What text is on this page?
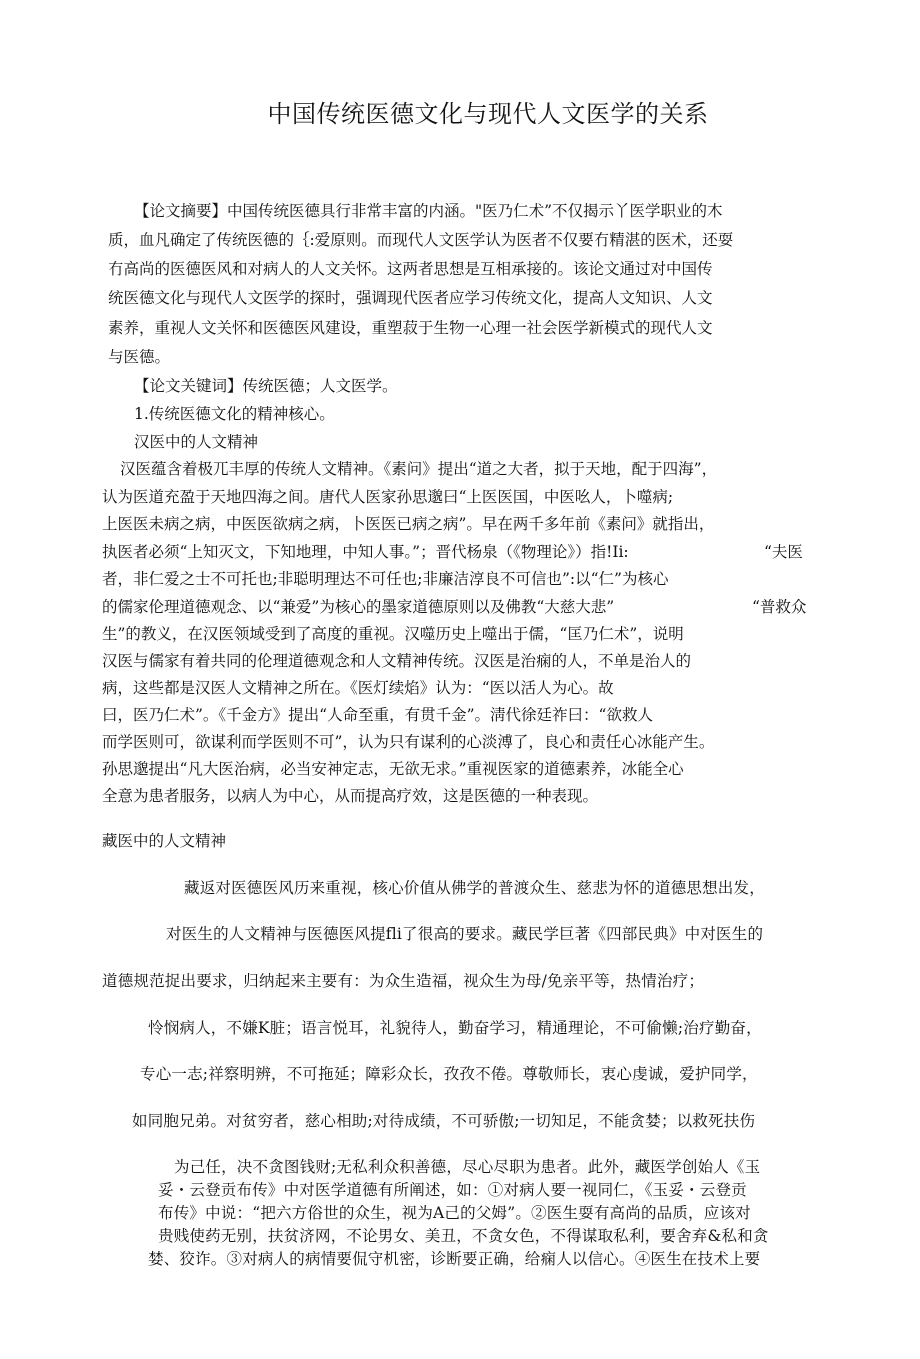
中国传统医德文化与现代人文医学的关系
【论文摘要】中国传统医德具行非常丰富的内涵。"医乃仁术”不仅揭示丫医学职业的木
质，血凡确定了传统医德的｛:爱原则。而现代人文医学认为医者不仅要冇精湛的医术，还耍
冇高尚的医德医风和对病人的人文关怀。这两者思想是互相承接的。该论文通过对中国传
统医德文化与现代人文医学的探时，强调现代医者应学习传统文化，提高人文知识、人文
素养，重视人文关怀和医德医风建设，重塑菽于生物一心理一社会医学新模式的现代人文
与医德。
【论文关键词】传统医德；人文医学。
1.传统医德文化的精神核心。
汉医中的人文精神
汉医蕴含着极兀丰厚的传统人文精神。《素问》提出“道之大者，拟于天地，配于四海”，
认为医道充盈于天地四海之间。唐代人医家孙思邈曰“上医医国，中医吆人，卜噬病;
上医医未病之病，中医医欲病之病，卜医医已病之病”。早在两千多年前《素问》就指出，
执医者必须“上知灭文，下知地理，中知人事。”；晋代杨泉（《物理论》）指!Ii:	“夫医
者，非仁爱之士不可托也;非聪明理达不可任也;非廉洁淳良不可信也”:以“仁”为核心
的儒家伦理道德观念、以“兼爱”为核心的墨家道德原则以及佛教“大慈大悲”	“普救众
生”的教义，在汉医领域受到了高度的重视。汉噬历史上噬出于儒，“匡乃仁术”，说明
汉医与儒家有着共同的伦理道德观念和人文精神传统。汉医是治痫的人，不单是治人的
病，这些都是汉医人文精神之所在。《医灯续焰》认为：“医以活人为心。故
曰，医乃仁术”。《千金方》提出“人命至重，有贯千金”。淸代徐廷祚曰：“欲救人
而学医则可，欲谋利而学医则不可”，认为只有谋利的心淡溥了，良心和责任心冰能产生。
孙思邈提出“凡大医治病，必当安神定志，无欲无求。”重视医家的道德素养，冰能全心
全意为患者服务，以病人为中心，从而提高疗效，这是医德的一种表现。
藏医中的人文精神
藏返对医德医风历来重视，核心价值从佛学的普渡众生、慈悲为怀的道德思想出发，
对医生的人文精神与医德医风提fli了很高的要求。藏民学巨著《四部民典》中对医生的
道德规范捉出要求，归纳起来主要有：为众生造福，视众生为母/免亲平等，热情治疗；
怜悯病人，不嫌K脏；语言悦耳，礼貌待人，勤奋学习，精通理论，不可偷懒;治疗勤奋，
专心一志;祥察明辨，不可拖延；障彩众长，孜孜不倦。尊敬师长，衷心虔诚，爱护同学，
如同胞兄弟。对贫穷者，慈心相助;对待成绩，不可骄傲;一切知足，不能贪婪；以救死扶伤
为己任，决不贪图钱财;无私利众积善德，尽心尽职为患者。此外，藏医学创始人《玉
妥・云登贡布传》中对医学道德有所阐述，如：①对病人要一视同仁，《玉妥・云登贡
布传》中说：“把六方俗世的众生，视为A己的父姆”。②医生耍有高尚的品质，应该对
贵贱使药无别，扶贫济网，不论男女、美丑，不贪女色，不得谋取私利，要舍弃&私和贪
婪、狡诈。③对病人的病情要侃守机密，诊断要正确，给痫人以信心。④医生在技术上要
